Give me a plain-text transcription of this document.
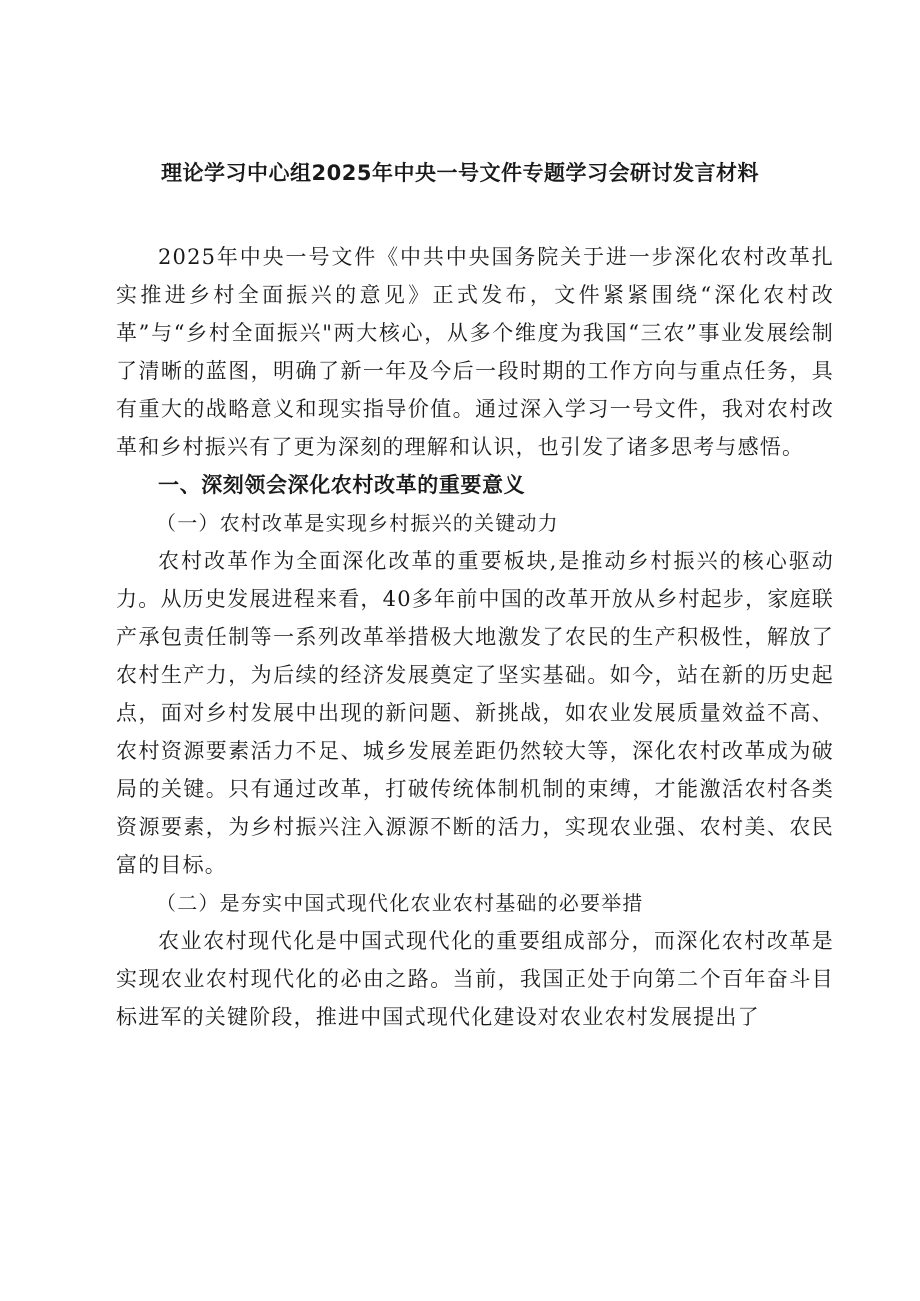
理论学习中心组2025年中央一号文件专题学习会研讨发言材料

2025年中央一号文件《中共中央国务院关于进一步深化农村改革扎实推进乡村全面振兴的意见》正式发布，文件紧紧围绕“深化农村改革”与“乡村全面振兴"两大核心，从多个维度为我国“三农”事业发展绘制了清晰的蓝图，明确了新一年及今后一段时期的工作方向与重点任务，具有重大的战略意义和现实指导价值。通过深入学习一号文件，我对农村改革和乡村振兴有了更为深刻的理解和认识，也引发了诸多思考与感悟。

一、深刻领会深化农村改革的重要意义

（一）农村改革是实现乡村振兴的关键动力

农村改革作为全面深化改革的重要板块,是推动乡村振兴的核心驱动力。从历史发展进程来看，40多年前中国的改革开放从乡村起步，家庭联产承包责任制等一系列改革举措极大地激发了农民的生产积极性，解放了农村生产力，为后续的经济发展奠定了坚实基础。如今，站在新的历史起点，面对乡村发展中出现的新问题、新挑战，如农业发展质量效益不高、农村资源要素活力不足、城乡发展差距仍然较大等，深化农村改革成为破局的关键。只有通过改革，打破传统体制机制的束缚，才能激活农村各类资源要素，为乡村振兴注入源源不断的活力，实现农业强、农村美、农民富的目标。

（二）是夯实中国式现代化农业农村基础的必要举措

农业农村现代化是中国式现代化的重要组成部分，而深化农村改革是实现农业农村现代化的必由之路。当前，我国正处于向第二个百年奋斗目标进军的关键阶段，推进中国式现代化建设对农业农村发展提出了
